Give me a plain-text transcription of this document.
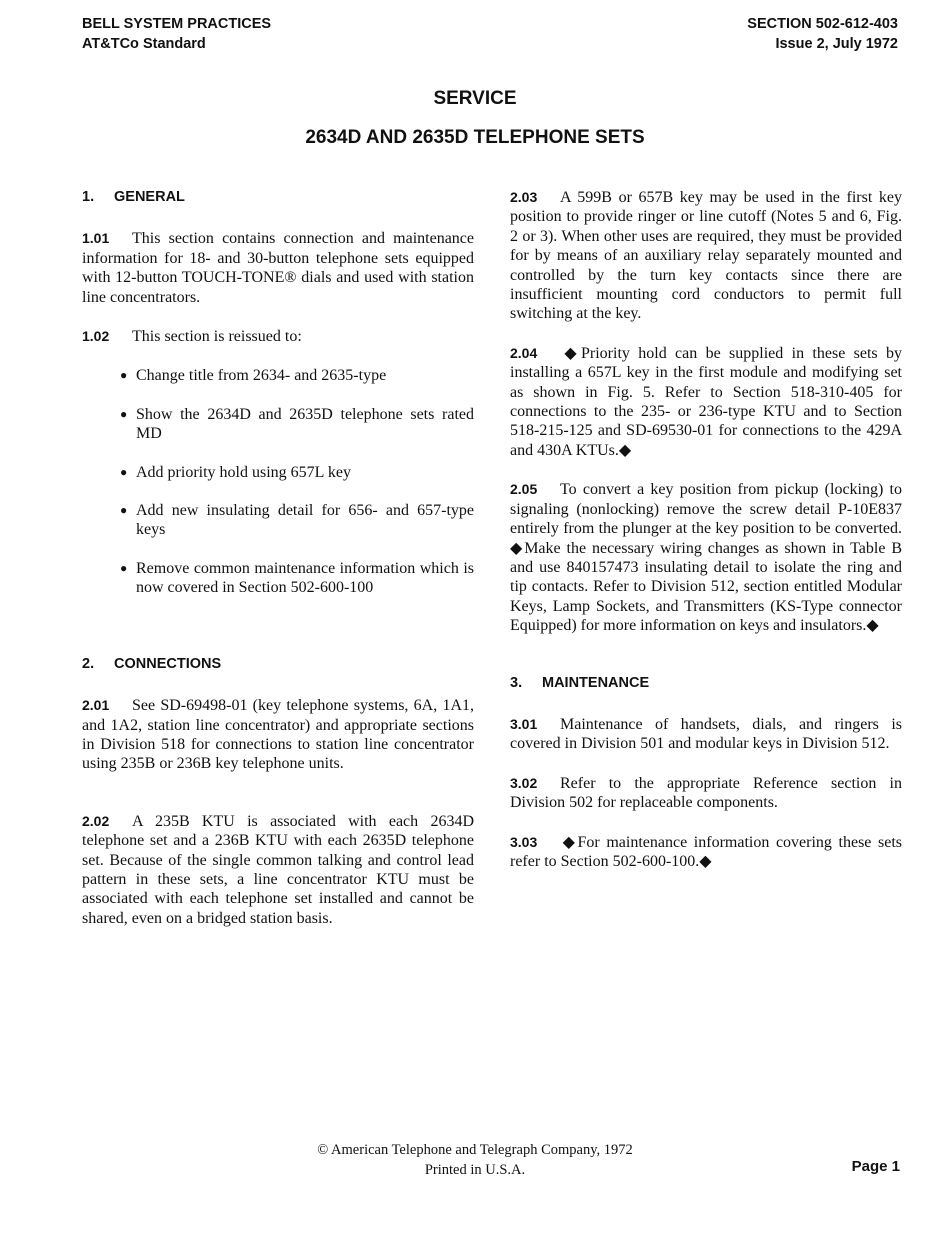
BELL SYSTEM PRACTICES
AT&TCo Standard
SECTION 502-612-403
Issue 2, July 1972
SERVICE
2634D AND 2635D TELEPHONE SETS
1. GENERAL

1.01 This section contains connection and maintenance information for 18- and 30-button telephone sets equipped with 12-button TOUCH-TONE® dials and used with station line concentrators.

1.02 This section is reissued to:

● Change title from 2634- and 2635-type
● Show the 2634D and 2635D telephone sets rated MD
● Add priority hold using 657L key
● Add new insulating detail for 656- and 657-type keys
● Remove common maintenance information which is now covered in Section 502-600-100
2. CONNECTIONS

2.01 See SD-69498-01 (key telephone systems, 6A, 1A1, and 1A2, station line concentrator) and appropriate sections in Division 518 for connections to station line concentrator using 235B or 236B key telephone units.

2.02 A 235B KTU is associated with each 2634D telephone set and a 236B KTU with each 2635D telephone set. Because of the single common talking and control lead pattern in these sets, a line concentrator KTU must be associated with each telephone set installed and cannot be shared, even on a bridged station basis.

2.03 A 599B or 657B key may be used in the first key position to provide ringer or line cutoff (Notes 5 and 6, Fig. 2 or 3). When other uses are required, they must be provided for by means of an auxiliary relay separately mounted and controlled by the turn key contacts since there are insufficient mounting cord conductors to permit full switching at the key.

2.04 ◆Priority hold can be supplied in these sets by installing a 657L key in the first module and modifying set as shown in Fig. 5. Refer to Section 518-310-405 for connections to the 235- or 236-type KTU and to Section 518-215-125 and SD-69530-01 for connections to the 429A and 430A KTUs.◆

2.05 To convert a key position from pickup (locking) to signaling (nonlocking) remove the screw detail P-10E837 entirely from the plunger at the key position to be converted. ◆Make the necessary wiring changes as shown in Table B and use 840157473 insulating detail to isolate the ring and tip contacts. Refer to Division 512, section entitled Modular Keys, Lamp Sockets, and Transmitters (KS-Type connector Equipped) for more information on keys and insulators.◆

3. MAINTENANCE

3.01 Maintenance of handsets, dials, and ringers is covered in Division 501 and modular keys in Division 512.

3.02 Refer to the appropriate Reference section in Division 502 for replaceable components.

3.03 ◆For maintenance information covering these sets refer to Section 502-600-100.◆

© American Telephone and Telegraph Company, 1972
Printed in U.S.A.	Page 1
